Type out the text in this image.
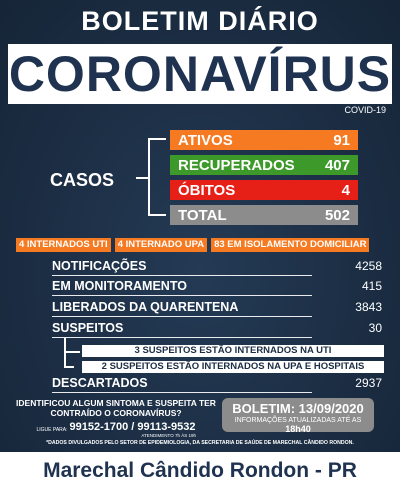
BOLETIM DIÁRIO
CORONAVÍRUS
COVID-19
CASOS
ATIVOS	91
RECUPERADOS 407
ÓBITOS	4
TOTAL	502
4 INTERNADOS UTI	4 INTERNADO UPA	83 EM ISOLAMENTO DOMICILIAR
NOTIFICAÇÕES	4258
EM MONITORAMENTO	415
LIBERADOS DA QUARENTENA	3843
SUSPEITOS	30
3 SUSPEITOS ESTÃO INTERNADOS NA UTI
2 SUSPEITOS ESTÃO INTERNADOS NA UPA E HOSPITAIS
DESCARTADOS	2937
IDENTIFICOU ALGUM SINTOMA E SUSPEITA TER CONTRAÍDO O CORONAVÍRUS?
LIGUE PARA: 99152-1700 / 99113-9532
ATENDIMENTO 7h ÀS 19h
BOLETIM: 13/09/2020
INFORMAÇÕES ATUALIZADAS ATÉ AS 18h40
*DADOS DIVULGADOS PELO SETOR DE EPIDEMIOLOGIA, DA SECRETARIA DE SAÚDE DE MARECHAL CÂNDIDO RONDON.
Marechal Cândido Rondon - PR
